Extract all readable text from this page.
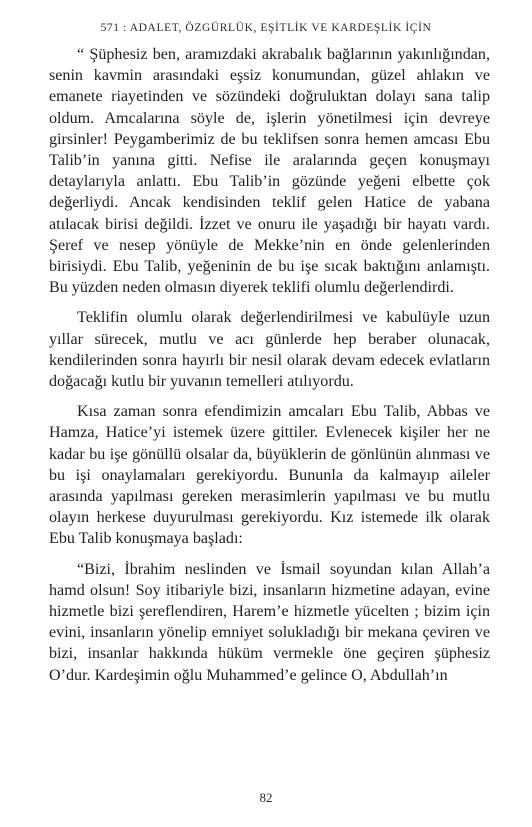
571 : ADALET, ÖZGÜRLÜK, EŞİTLİK VE KARDEŞLİK İÇİN

“ Şüphesiz ben, aramızdaki akrabalık bağlarının yakınlığından, senin kavmin arasındaki eşsiz konumundan, güzel ahlakın ve emanete riayetinden ve sözündeki doğruluktan dolayı sana talip oldum. Amcalarına söyle de, işlerin yönetilmesi için devreye girsinler! Peygamberimiz de bu teklifsen sonra hemen amcası Ebu Talib’in yanına gitti. Nefise ile aralarında geçen konuşmayı detaylarıyla anlattı. Ebu Talib’in gözünde yeğeni elbette çok değerliydi. Ancak kendisinden teklif gelen Hatice de yabana atılacak birisi değildi. İzzet ve onuru ile yaşadığı bir hayatı vardı. Şeref ve nesep yönüyle de Mekke’nin en önde gelenlerinden birisiydi. Ebu Talib, yeğeninin de bu işe sıcak baktığını anlamıştı. Bu yüzden neden olmasın diyerek teklifi olumlu değerlendirdi.

Teklifin olumlu olarak değerlendirilmesi ve kabulüyle uzun yıllar sürecek, mutlu ve acı günlerde hep beraber olunacak, kendilerinden sonra hayırlı bir nesil olarak devam edecek evlatların doğacağı kutlu bir yuvanın temelleri atılıyordu.

Kısa zaman sonra efendimizin amcaları Ebu Talib, Abbas ve Hamza, Hatice’yi istemek üzere gittiler. Evlenecek kişiler her ne kadar bu işe gönüllü olsalar da, büyüklerin de gönlünün alınması ve bu işi onaylamaları gerekiyordu. Bununla da kalmayıp aileler arasında yapılması gereken merasimlerin yapılması ve bu mutlu olayın herkese duyurulması gerekiyordu. Kız istemede ilk olarak Ebu Talib konuşmaya başladı:

“Bizi, İbrahim neslinden ve İsmail soyundan kılan Allah’a hamd olsun! Soy itibariyle bizi, insanların hizmetine adayan, evine hizmetle bizi şereflendiren, Harem’e hizmetle yücelten ; bizim için evini, insanların yönelip emniyet solukladığı bir mekana çeviren ve bizi, insanlar hakkında hüküm vermekle öne geçiren şüphesiz O’dur. Kardeşimin oğlu Muhammed’e gelince O, Abdullah’ın

82
